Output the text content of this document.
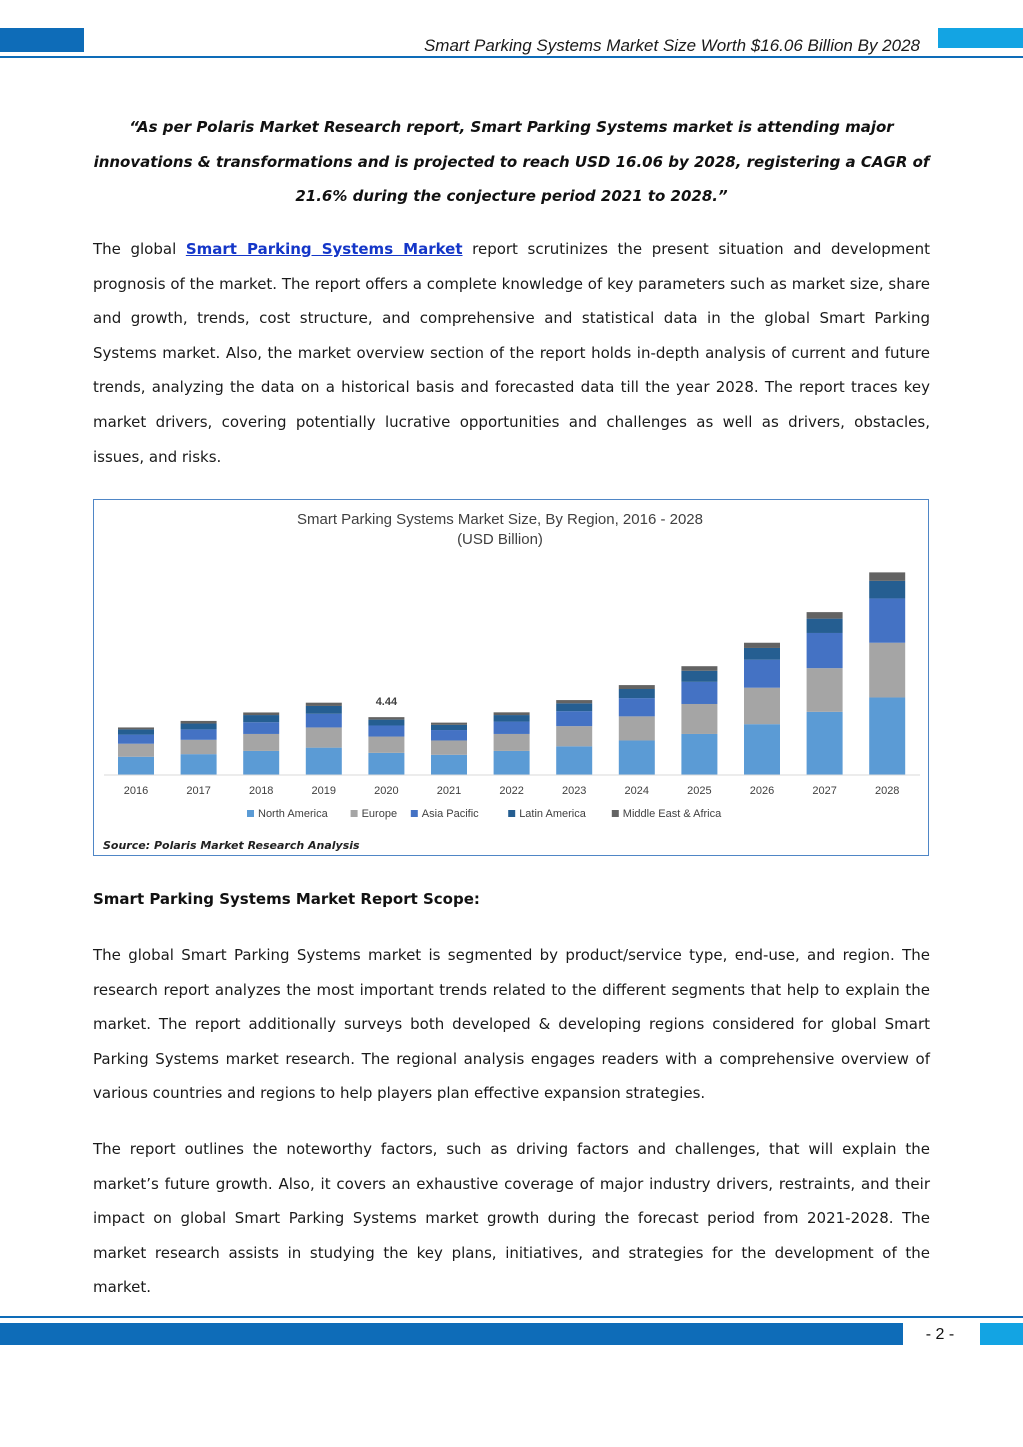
Smart Parking Systems Market Size Worth $16.06 Billion By 2028
“As per Polaris Market Research report, Smart Parking Systems market is attending major innovations & transformations and is projected to reach USD 16.06 by 2028, registering a CAGR of 21.6% during the conjecture period 2021 to 2028.”
The global Smart Parking Systems Market report scrutinizes the present situation and development prognosis of the market. The report offers a complete knowledge of key parameters such as market size, share and growth, trends, cost structure, and comprehensive and statistical data in the global Smart Parking Systems market. Also, the market overview section of the report holds in-depth analysis of current and future trends, analyzing the data on a historical basis and forecasted data till the year 2028. The report traces key market drivers, covering potentially lucrative opportunities and challenges as well as drivers, obstacles, issues, and risks.
Smart Parking Systems Market Size, By Region, 2016 - 2028
(USD Billion)
2016	2017	2018	2019	2020	2021	2022	2023	2024	2025	2026	2027	2028
4.44
North America	Europe Asia Pacific	Latin America	Middle East & Africa
Source: Polaris Market Research Analysis
Smart Parking Systems Market Report Scope:
The global Smart Parking Systems market is segmented by product/service type, end-use, and region. The research report analyzes the most important trends related to the different segments that help to explain the market. The report additionally surveys both developed & developing regions considered for global Smart Parking Systems market research. The regional analysis engages readers with a comprehensive overview of various countries and regions to help players plan effective expansion strategies.
The report outlines the noteworthy factors, such as driving factors and challenges, that will explain the market’s future growth. Also, it covers an exhaustive coverage of major industry drivers, restraints, and their impact on global Smart Parking Systems market growth during the forecast period from 2021-2028. The market research assists in studying the key plans, initiatives, and strategies for the development of the market.
- 2 -
